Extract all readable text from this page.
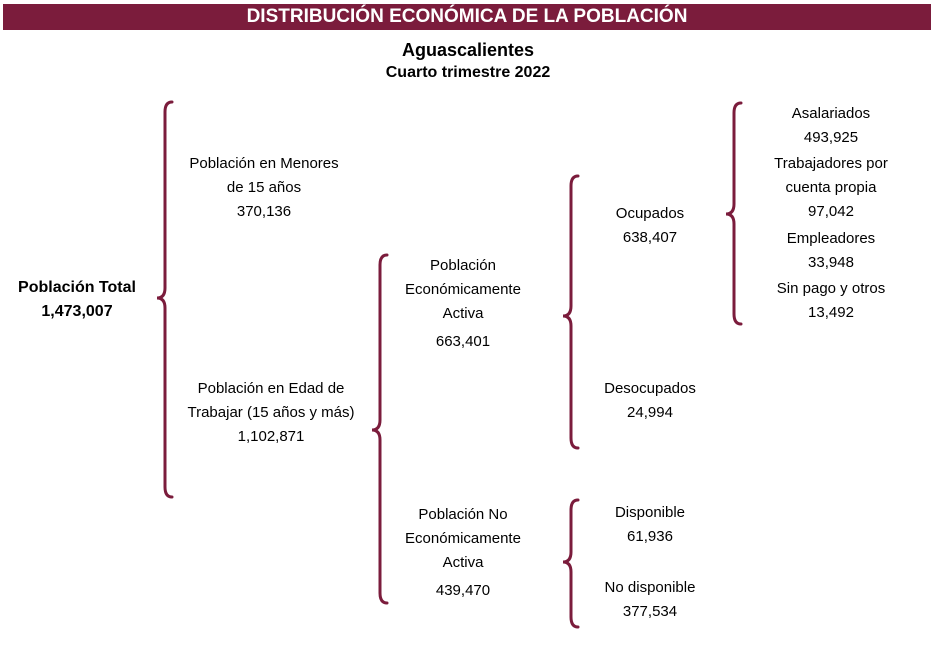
DISTRIBUCIÓN ECONÓMICA DE LA POBLACIÓN
Aguascalientes
Cuarto trimestre 2022
Población Total
1,473,007
Población en Menores
de 15 años
370,136
Población en Edad de
Trabajar (15 años y más)
1,102,871
Población
Económicamente
Activa
663,401
Población No
Económicamente
Activa
439,470
Ocupados
638,407
Desocupados
24,994
Disponible
61,936
No disponible
377,534
Asalariados
493,925
Trabajadores por
cuenta propia
97,042
Empleadores
33,948
Sin pago y otros
13,492
